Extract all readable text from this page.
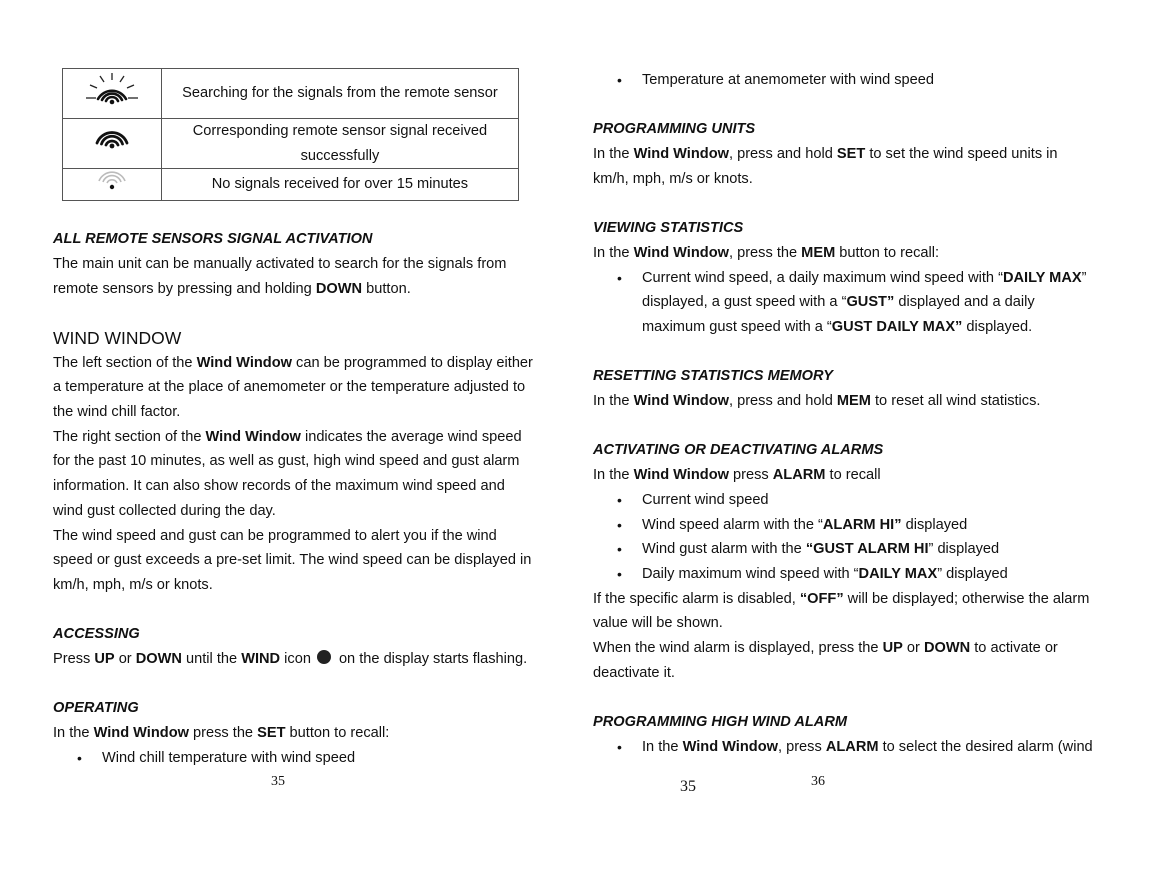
	Searching for the signals from the remote sensor
	Corresponding remote sensor signal received successfully
	No signals received for over 15 minutes

ALL REMOTE SENSORS SIGNAL ACTIVATION

The main unit can be manually activated to search for the signals from remote sensors by pressing and holding DOWN button.

WIND WINDOW

The left section of the Wind Window can be programmed to display either a temperature at the place of anemometer or the temperature adjusted to the wind chill factor.

The right section of the Wind Window indicates the average wind speed for the past 10 minutes, as well as gust, high wind speed and gust alarm information. It can also show records of the maximum wind speed and wind gust collected during the day.

The wind speed and gust can be programmed to alert you if the wind speed or gust exceeds a pre-set limit. The wind speed can be displayed in km/h, mph, m/s or knots.

ACCESSING

Press UP or DOWN until the WIND icon on the display starts flashing.

OPERATING

In the Wind Window press the SET button to recall:

• Wind chill temperature with wind speed
35
• Temperature at anemometer with wind speed

PROGRAMMING UNITS

In the Wind Window, press and hold SET to set the wind speed units in km/h, mph, m/s or knots.

VIEWING STATISTICS

In the Wind Window, press the MEM button to recall:

• Current wind speed, a daily maximum wind speed with “DAILY MAX” displayed, a gust speed with a “GUST” displayed and a daily maximum gust speed with a “GUST DAILY MAX” displayed.

RESETTING STATISTICS MEMORY

In the Wind Window, press and hold MEM to reset all wind statistics.

ACTIVATING OR DEACTIVATING ALARMS

In the Wind Window press ALARM to recall

• Current wind speed
• Wind speed alarm with the “ALARM HI” displayed
• Wind gust alarm with the “GUST ALARM HI” displayed
• Daily maximum wind speed with “DAILY MAX” displayed

If the specific alarm is disabled, “OFF” will be displayed; otherwise the alarm value will be shown.

When the wind alarm is displayed, press the UP or DOWN to activate or deactivate it.

PROGRAMMING HIGH WIND ALARM

• In the Wind Window, press ALARM to select the desired alarm (wind
35	36
